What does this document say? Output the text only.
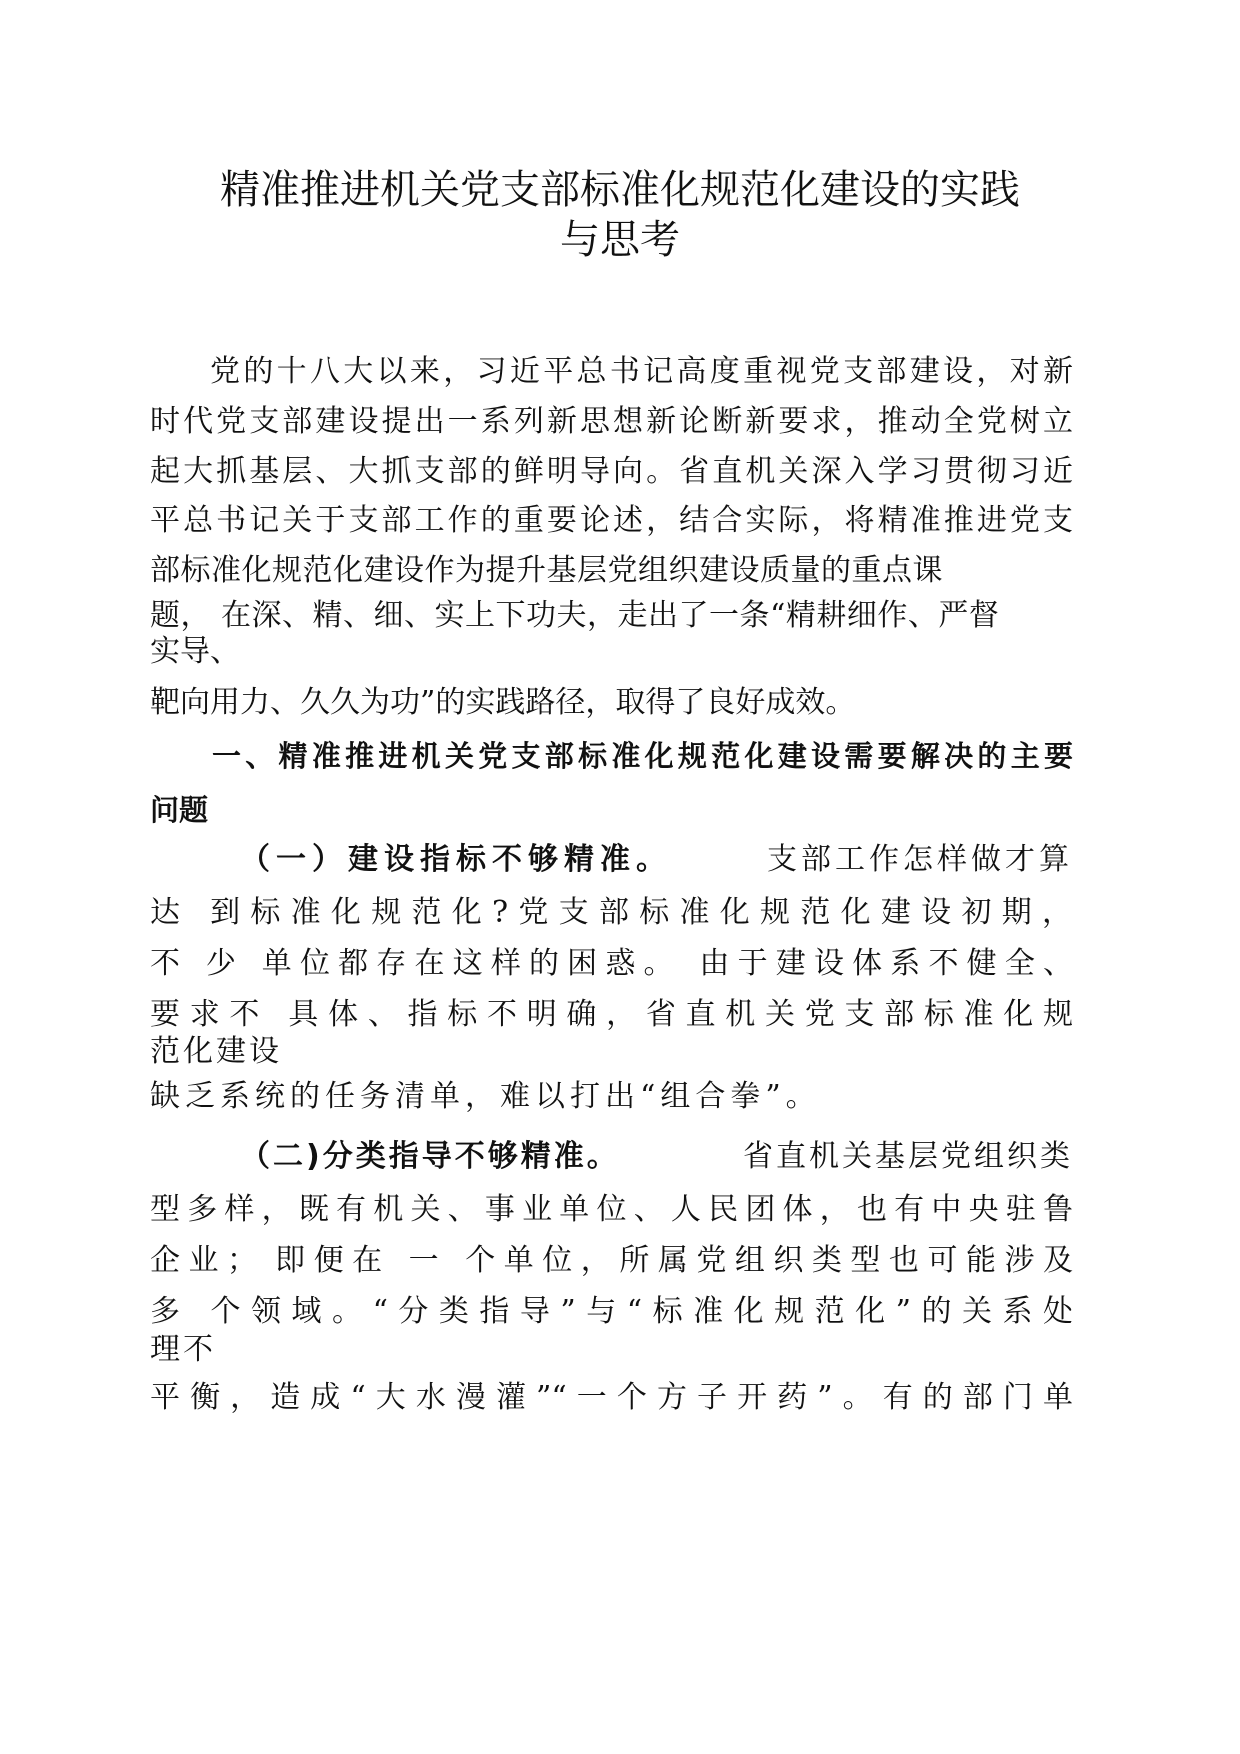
精准推进机关党支部标准化规范化建设的实践
与思考

党的十八大以来，习近平总书记高度重视党支部建设，对新

时代党支部建设提出一系列新思想新论断新要求，推动全党树立

起大抓基层、大抓支部的鲜明导向。省直机关深入学习贯彻习近

平总书记关于支部工作的重要论述，结合实际，将精准推进党支

部标准化规范化建设作为提升基层党组织建设质量的重点课

题， 在深、精、细、实上下功夫，走出了一条“精耕细作、严督

实导、

靶向用力、久久为功”的实践路径，取得了良好成效。

一、精准推进机关党支部标准化规范化建设需要解决的主要

问题

（一）建设指标不够精准。	支部工作怎样做才算

达 到标准化规范化?党支部标准化规范化建设初期，

不 少 单位都存在这样的困惑。 由于建设体系不健全、

要求不 具体、指标不明确，省直机关党支部标准化规

范化建设

缺乏系统的任务清单，难以打出“组合拳”。

（二)分类指导不够精准。	省直机关基层党组织类

型多样，既有机关、事业单位、人民团体，也有中央驻鲁

企业； 即便在 一 个单位，所属党组织类型也可能涉及

多 个领域。“分类指导”与“标准化规范化”的关系处

理不

平衡，造成“大水漫灌”“一个方子开药”。有的部门单
